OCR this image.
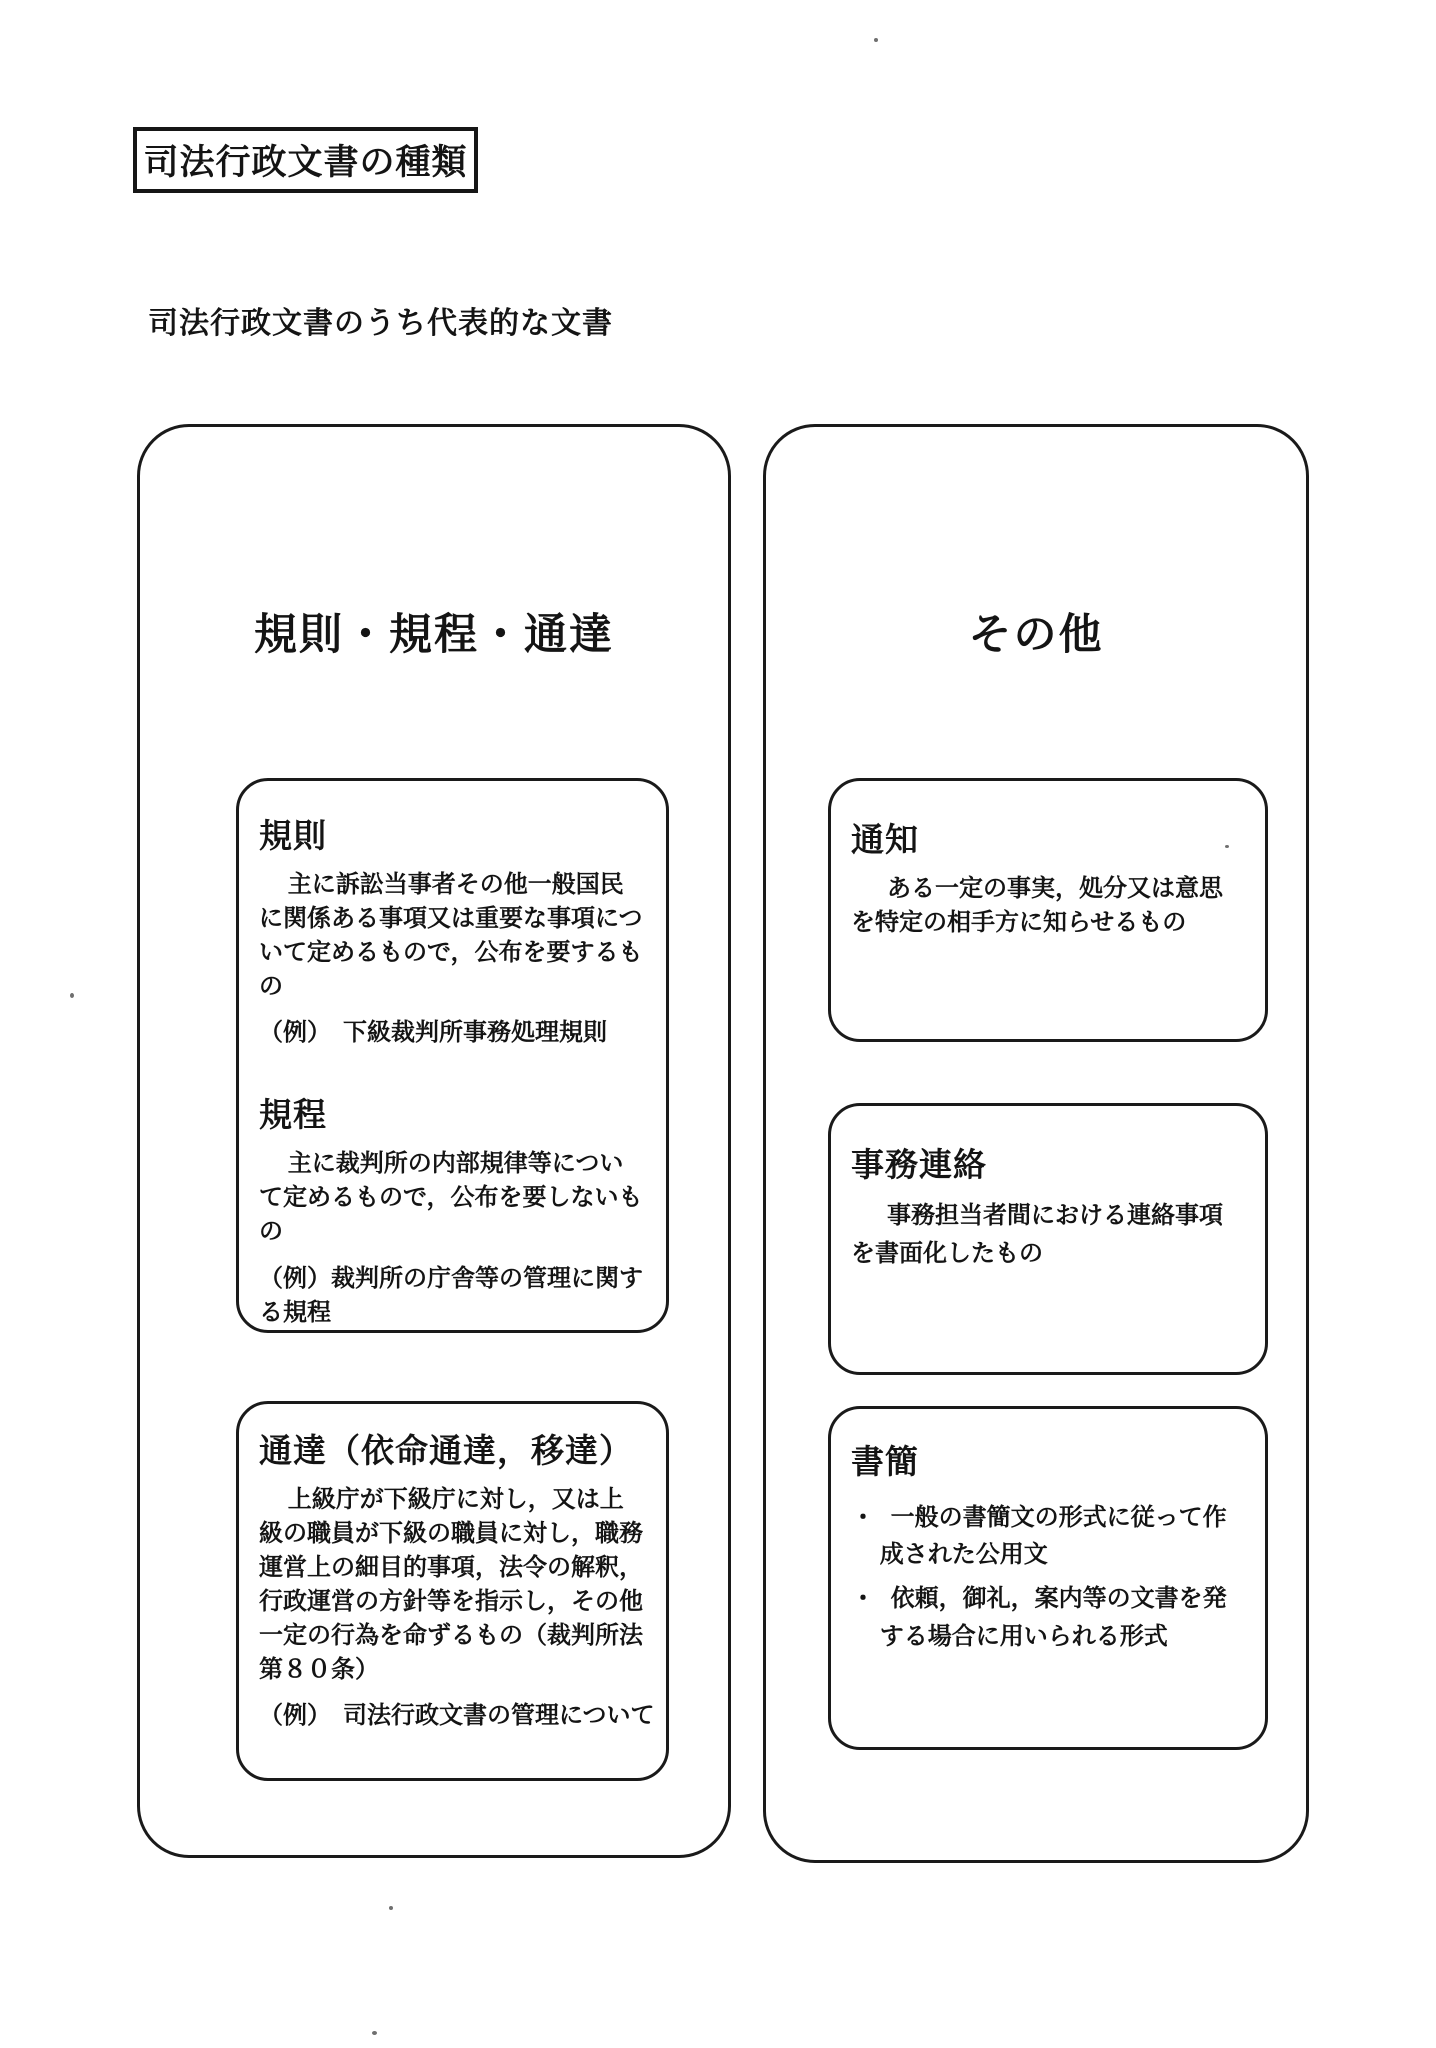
司法行政文書の種類
司法行政文書のうち代表的な文書
規則・規程・通達
規則
主に訴訟当事者その他一般国民に関係ある事項又は重要な事項について定めるもので，公布を要するもの
（例）　下級裁判所事務処理規則
規程
主に裁判所の内部規律等について定めるもので，公布を要しないもの
（例）裁判所の庁舎等の管理に関する規程
通達（依命通達，移達）
上級庁が下級庁に対し，又は上級の職員が下級の職員に対し，職務運営上の細目的事項，法令の解釈，行政運営の方針等を指示し，その他一定の行為を命ずるもの（裁判所法第８０条）
（例）　司法行政文書の管理について
その他
通知
ある一定の事実，処分又は意思を特定の相手方に知らせるもの
事務連絡
事務担当者間における連絡事項を書面化したもの
書簡
・ 一般の書簡文の形式に従って作成された公用文
・ 依頼，御礼，案内等の文書を発する場合に用いられる形式
